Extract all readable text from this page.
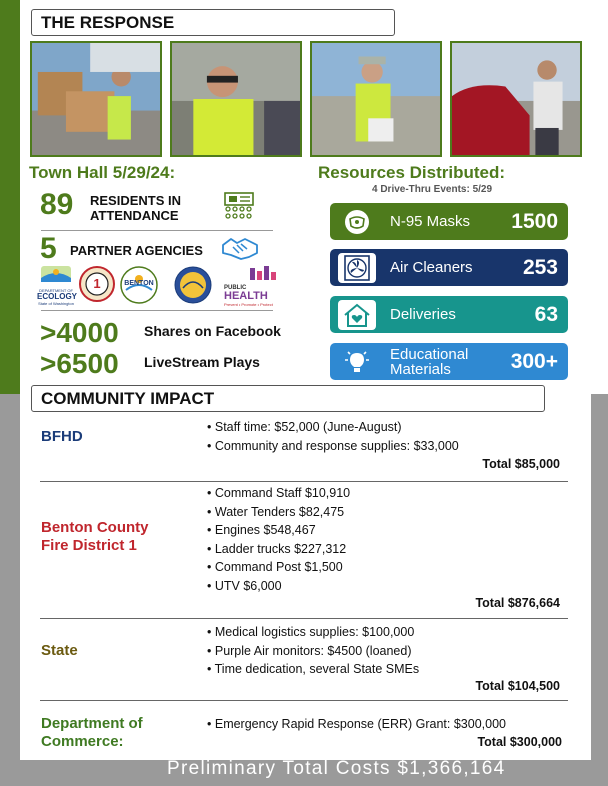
THE RESPONSE
Town Hall 5/29/24:
89 RESIDENTS IN
ATTENDANCE
5 PARTNER AGENCIES
DEPARTMENT OF
ECOLOGY
State of Washington
1	BENTON
PUBLIC
HEALTH
Prevent • Promote • Protect
>4000 Shares on Facebook
>6500 LiveStream Plays
Resources Distributed:
4 Drive-Thru Events: 5/29
N-95 Masks	1500
Air Cleaners	253
Deliveries	63
Educational
Materials	300+
COMMUNITY IMPACT
BFHD
• Staff time: $52,000 (June-August)
• Community and response supplies: $33,000
Total $85,000
Benton County
Fire District 1
• Command Staff $10,910
• Water Tenders $82,475
• Engines $548,467
• Ladder trucks $227,312
• Command Post $1,500
• UTV $6,000
Total $876,664
State
• Medical logistics supplies: $100,000
• Purple Air monitors: $4500 (loaned)
• Time dedication, several State SMEs
Total $104,500
Department of
Commerce:
• Emergency Rapid Response (ERR) Grant: $300,000
Total $300,000
Preliminary Total Costs $1,366,164
